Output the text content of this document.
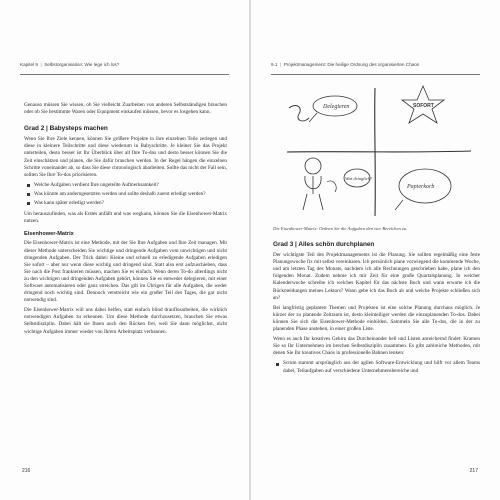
Kapitel 9  |  Selbstorganisation: Wie lege ich los?

Genauso müssen Sie wissen, ob Sie vielleicht Zuarbeiten von anderen Selbstständigen brauchen oder ob Sie bestimmte Waren oder Equipment einkaufen müssen, bevor es losgehen kann.

Grad 2 | Babysteps machen

Wenn Sie Ihre Ziele kennen, können Sie größere Projekte in ihre einzelnen Teile zerlegen und diese in kleinere Teilschritte und diese wiederum in Babyschritte. Je kleiner Sie das Projekt unterteilen, desto besser ist Ihr Überblick über all Ihre To-dos und desto besser können Sie die Zeit einschätzen und planen, die Sie dafür brauchen werden. In der Regel hängen die einzelnen Schritte voneinander ab, so dass Sie diese chronologisch abarbeiten. Sollte das nicht der Fall sein, sollten Sie Ihre To-dos priorisieren.

Welche Aufgaben verdient Ihre ungeteilte Aufmerksamkeit?
Was könnte am anderngesetzten werden und sollte deshalb zuerst erledigt werden?
Was kann später erledigt werden?

Um herauszufinden, was als Erstes anfällt und was wegkann, können Sie die Eisenhower-Matrix nutzen.

Eisenhower-Matrix

Die Eisenhower-Matrix ist eine Methode, mit der Sie Ihre Aufgaben und Ihre Zeit managen. Mit dieser Methode unterscheiden Sie wichtige und dringende Aufgaben vom unwichtigen und nicht dringenden Aufgaben. Der Trick dabei: Kleine und schnell zu erledigende Aufgaben erledigen Sie sofort – aber nur wenn diese wichtig und dringend sind. Statt also erst aufzuschieben, dass Sie nach die Post frankieren müssen, machen Sie es einfach. Wenn deren To-do allerdings nicht zu den wichtigen und dringenden Aufgaben gehört, können Sie es entweder delegieren, mit einer Software automatisieren oder ganz streichen. Das gilt im Übrigen für alle Aufgaben, die weder dringend noch wichtig sind. Dennoch verstreicht wie ein großer Teil des Tages, die gar nicht notwendig sind.

Die Eisenhower-Matrix will uns dabei helfen, statt einfach blind drauflosarbeiten, die wirklich notwendigen Aufgaben zu erkennen. Um diese Methode durchzusetzen, brauchen Sie etwas Selbstdisziplin. Dabei hält sie Ihnen auch den Rücken frei, weil Sie dann möglichst, nicht wichtige Aufgaben immer wieder von Ihrem Arbeitsplatz verbannen.

216
9.1  |  Projektmanagement: Die heilige Ordnung des organisierten Chaos
Delegieren	SOFORT
Was dringlich?
Papierkorb

Die Eisenhower-Matrix: Ordnen Sie die Aufgaben den vier Bereichen zu.

Grad 3 | Alles schön durchplanen

Der wichtigste Teil des Projektmanagements ist die Planung. Sie sollten regelmäßig eine feste Planungswoche fix mit selbst vereinbaren. Ich persönlich plane vorwiegend die kommende Woche, und am letzten Tag des Monats, nachdem ich alle Rechnungen geschrieben habe, plane ich den folgenden Monat. Zudem nehme ich mir Zeit für eine große Quartalsplanung. In welcher Kalenderwoche schreibe ich welches Kapitel für das nächste Buch und wann erwarte ich die Rückmeldungen meines Lektors? Wann gebe ich das Buch ab und welche Projekte schließen sich an?

Bei langfristig geplanten Themen und Projekten ist eine solche Planung durchaus möglich. Je kürzer der zu planende Zeitraum ist, desto kleinteiliger werden die einzuplanenden To-dos. Dabei können Sie sich die Eisenhower-Methode einbilden. Sammeln Sie alle To-dos, die in der zu planenden Phase anstehen, in einer großen Liste.

Wenn es auch Ihr kreatives Gehirn das Durcheinander hell und Listen anreichernd findet: Kramen Sie so Ihr Unternehmen im brechen Selbstdisziplin zusammen. Es gibt zahlreiche Methoden, mit denen Sie Ihr kreatives Chaos in professionelle Bahnen lenken:

Scrum stammt ursprünglich aus der agilen Software-Entwicklung und hilft vor allem Teams dabei, Teilaufgaben auf verschiedene Unternehmensbereiche und
217
